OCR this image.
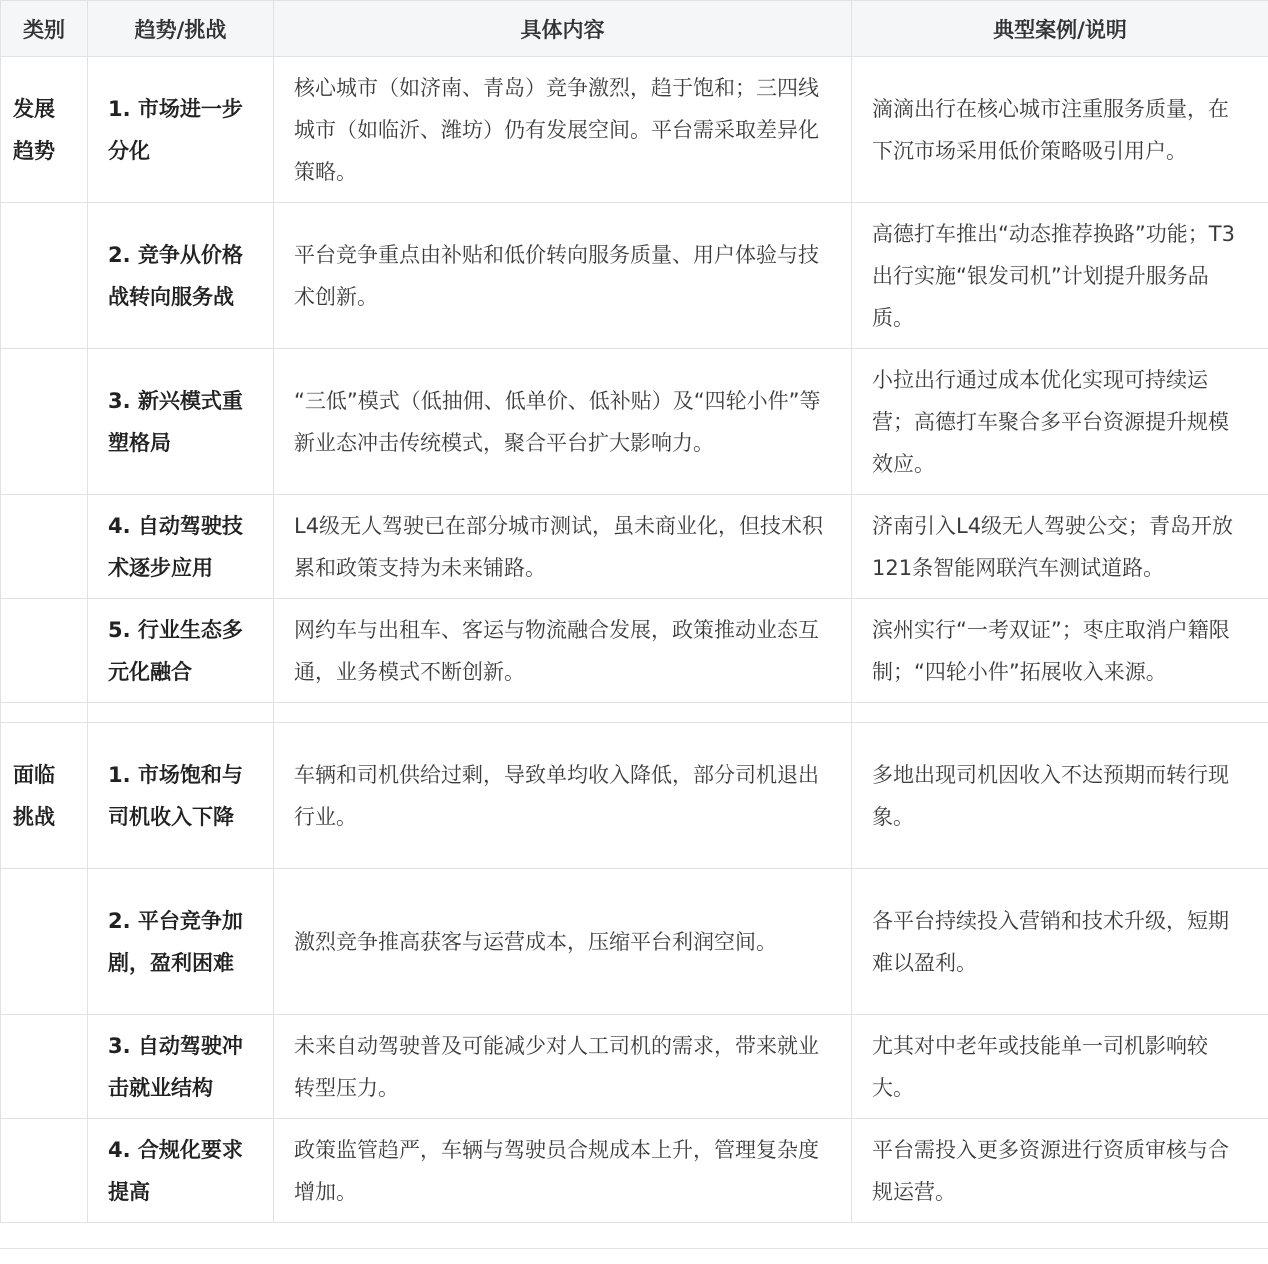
类别	趋势/挑战	具体内容	典型案例/说明
发展趋势	1. 市场进一步分化	核心城市（如济南、青岛）竞争激烈，趋于饱和；三四线城市（如临沂、潍坊）仍有发展空间。平台需采取差异化策略。	滴滴出行在核心城市注重服务质量，在下沉市场采用低价策略吸引用户。
	2. 竞争从价格战转向服务战	平台竞争重点由补贴和低价转向服务质量、用户体验与技术创新。	高德打车推出“动态推荐换路”功能；T3出行实施“银发司机”计划提升服务品质。
	3. 新兴模式重塑格局	“三低”模式（低抽佣、低单价、低补贴）及“四轮小件”等新业态冲击传统模式，聚合平台扩大影响力。	小拉出行通过成本优化实现可持续运营；高德打车聚合多平台资源提升规模效应。
	4. 自动驾驶技术逐步应用	L4级无人驾驶已在部分城市测试，虽未商业化，但技术积累和政策支持为未来铺路。	济南引入L4级无人驾驶公交；青岛开放121条智能网联汽车测试道路。
	5. 行业生态多元化融合	网约车与出租车、客运与物流融合发展，政策推动业态互通，业务模式不断创新。	滨州实行“一考双证”；枣庄取消户籍限制；“四轮小件”拓展收入来源。

面临挑战	1. 市场饱和与司机收入下降	车辆和司机供给过剩，导致单均收入降低，部分司机退出行业。	多地出现司机因收入不达预期而转行现象。
	2. 平台竞争加剧，盈利困难	激烈竞争推高获客与运营成本，压缩平台利润空间。	各平台持续投入营销和技术升级，短期难以盈利。
	3. 自动驾驶冲击就业结构	未来自动驾驶普及可能减少对人工司机的需求，带来就业转型压力。	尤其对中老年或技能单一司机影响较大。
	4. 合规化要求提高	政策监管趋严，车辆与驾驶员合规成本上升，管理复杂度增加。	平台需投入更多资源进行资质审核与合规运营。
